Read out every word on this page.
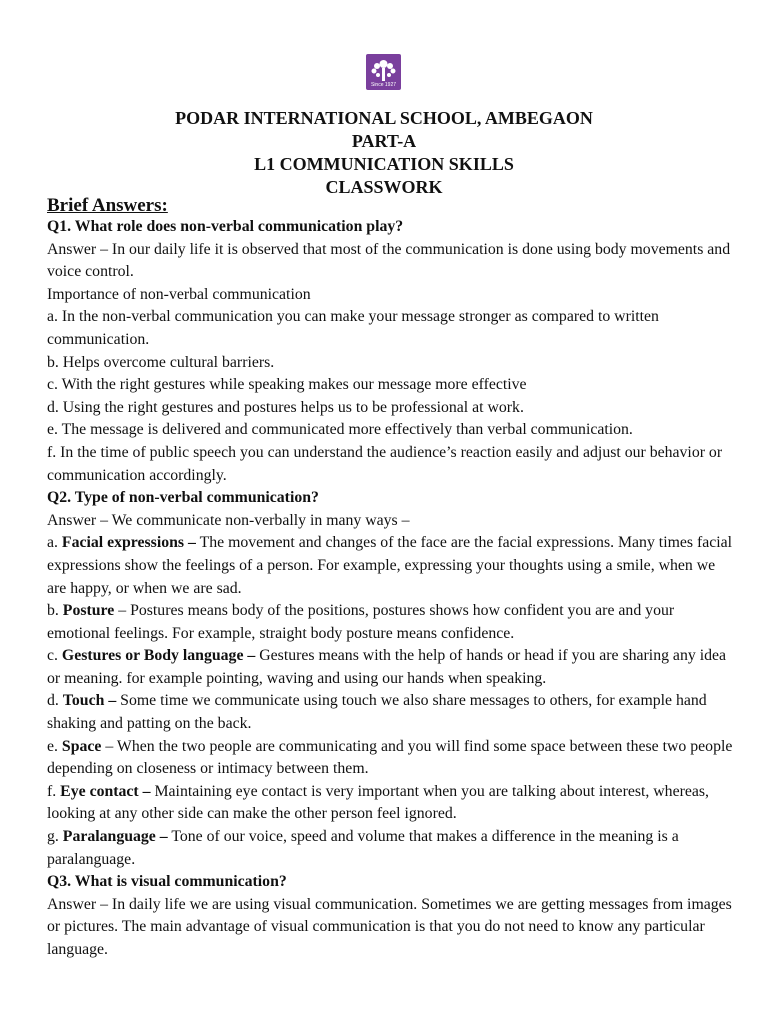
Since 1927
PODAR INTERNATIONAL SCHOOL, AMBEGAON
PART-A
L1 COMMUNICATION SKILLS
CLASSWORK
Brief Answers:

Q1. What role does non-verbal communication play?

Answer – In our daily life it is observed that most of the communication is done using body movements and voice control.

Importance of non-verbal communication

a. In the non-verbal communication you can make your message stronger as compared to written communication.

b. Helps overcome cultural barriers.

c. With the right gestures while speaking makes our message more effective

d. Using the right gestures and postures helps us to be professional at work.

e. The message is delivered and communicated more effectively than verbal communication.

f. In the time of public speech you can understand the audience’s reaction easily and adjust our behavior or communication accordingly.

Q2. Type of non-verbal communication?

Answer – We communicate non-verbally in many ways –

a. Facial expressions – The movement and changes of the face are the facial expressions. Many times facial expressions show the feelings of a person. For example, expressing your thoughts using a smile, when we are happy, or when we are sad.

b. Posture – Postures means body of the positions, postures shows how confident you are and your emotional feelings. For example, straight body posture means confidence.

c. Gestures or Body language – Gestures means with the help of hands or head if you are sharing any idea or meaning. for example pointing, waving and using our hands when speaking.

d. Touch – Some time we communicate using touch we also share messages to others, for example hand shaking and patting on the back.

e. Space – When the two people are communicating and you will find some space between these two people depending on closeness or intimacy between them.

f. Eye contact – Maintaining eye contact is very important when you are talking about interest, whereas, looking at any other side can make the other person feel ignored.

g. Paralanguage – Tone of our voice, speed and volume that makes a difference in the meaning is a paralanguage.

Q3. What is visual communication?

Answer – In daily life we are using visual communication. Sometimes we are getting messages from images or pictures. The main advantage of visual communication is that you do not need to know any particular language.
